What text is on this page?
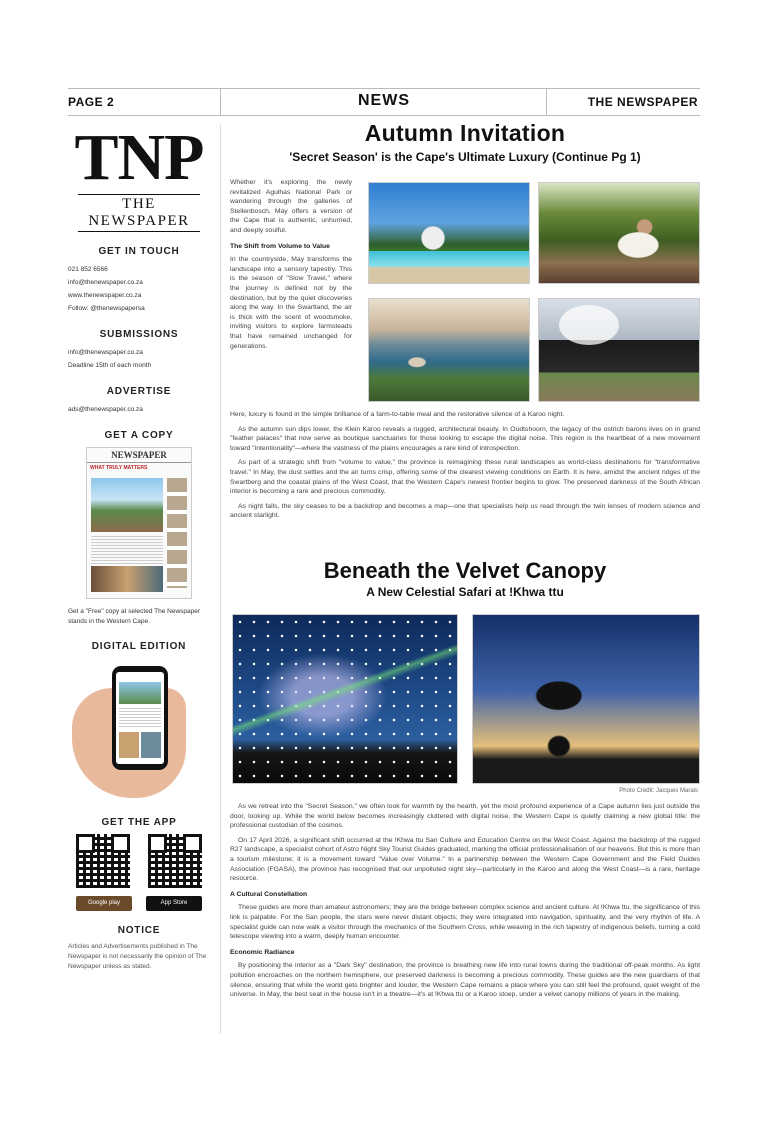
PAGE 2	NEWS	THE NEWSPAPER
TNP
THE NEWSPAPER
GET IN TOUCH
021 852 6566
info@thenewspaper.co.za
www.thenewspaper.co.za
Follow: @thenewspapersa
SUBMISSIONS
info@thenewspaper.co.za
Deadline 15th of each month
ADVERTISE
ads@thenewspaper.co.za
GET A COPY
NEWSPAPER
WHAT TRULY MATTERS
Get a "Free" copy at selected The Newspaper stands in the Western Cape.
DIGITAL EDITION
GET THE APP
Google play	App Store
NOTICE
Articles and Advertisements published in The Newspaper is not necessarily the opinion of The Newspaper unless as stated.
Autumn Invitation
'Secret Season' is the Cape's Ultimate Luxury (Continue Pg 1)
Whether it's exploring the newly revitalized Agulhas National Park or wandering through the galleries of Stellenbosch, May offers a version of the Cape that is authentic, unhurried, and deeply soulful.
The Shift from Volume to Value
In the countryside, May transforms the landscape into a sensory tapestry. This is the season of "Slow Travel," where the journey is defined not by the destination, but by the quiet discoveries along the way. In the Swartland, the air is thick with the scent of woodsmoke, inviting visitors to explore farmsteads that have remained unchanged for generations.

Here, luxury is found in the simple brilliance of a farm-to-table meal and the restorative silence of a Karoo night.

As the autumn sun dips lower, the Klein Karoo reveals a rugged, architectural beauty. In Oudtshoorn, the legacy of the ostrich barons lives on in grand "feather palaces" that now serve as boutique sanctuaries for those looking to escape the digital noise. This region is the heartbeat of a new movement toward "intentionality"—where the vastness of the plains encourages a rare kind of introspection.

As part of a strategic shift from "volume to value," the province is reimagining these rural landscapes as world-class destinations for "transformative travel." In May, the dust settles and the air turns crisp, offering some of the clearest viewing conditions on Earth. It is here, amidst the ancient ridges of the Swartberg and the coastal plains of the West Coast, that the Western Cape's newest frontier begins to glow. The preserved darkness of the South African interior is becoming a rare and precious commodity.

As night falls, the sky ceases to be a backdrop and becomes a map—one that specialists help us read through the twin lenses of modern science and ancient starlight.

Beneath the Velvet Canopy
A New Celestial Safari at !Khwa ttu
Photo Credit: Jacques Marais

As we retreat into the "Secret Season," we often look for warmth by the hearth, yet the most profound experience of a Cape autumn lies just outside the door, looking up. While the world below becomes increasingly cluttered with digital noise, the Western Cape is quietly claiming a new global title: the professional custodian of the cosmos.

On 17 April 2026, a significant shift occurred at the !Khwa ttu San Culture and Education Centre on the West Coast. Against the backdrop of the rugged R27 landscape, a specialist cohort of Astro Night Sky Tourist Guides graduated, marking the official professionalisation of our heavens. But this is more than a tourism milestone; it is a movement toward "Value over Volume." In a partnership between the Western Cape Government and the Field Guides Association (FGASA), the province has recognised that our unpolluted night sky—particularly in the Karoo and along the West Coast—is a rare, heritage resource.

A Cultural Constellation

These guides are more than amateur astronomers; they are the bridge between complex science and ancient culture. At !Khwa ttu, the significance of this link is palpable. For the San people, the stars were never distant objects; they were integrated into navigation, spirituality, and the very rhythm of life. A specialist guide can now walk a visitor through the mechanics of the Southern Cross, while weaving in the rich tapestry of indigenous beliefs, turning a cold telescope viewing into a warm, deeply human encounter.

Economic Radiance

By positioning the interior as a "Dark Sky" destination, the province is breathing new life into rural towns during the traditional off-peak months. As light pollution encroaches on the northern hemisphere, our preserved darkness is becoming a precious commodity. These guides are the new guardians of that silence, ensuring that while the world gets brighter and louder, the Western Cape remains a place where you can still feel the profound, quiet weight of the universe. In May, the best seat in the house isn't in a theatre—it's at !Khwa ttu or a Karoo stoep, under a velvet canopy millions of years in the making.
